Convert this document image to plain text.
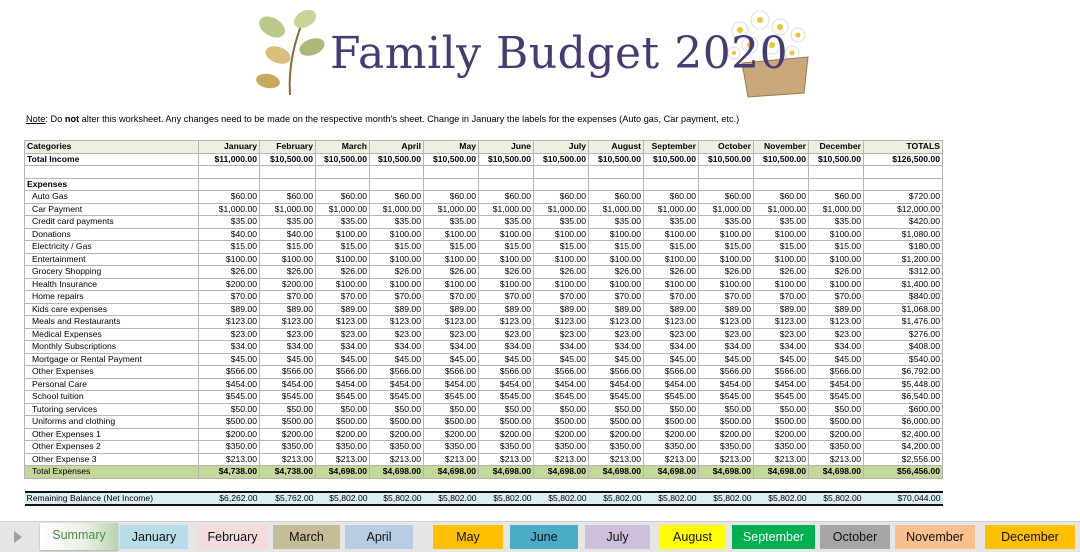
Family Budget 2020
Note: Do not alter this worksheet. Any changes need to be made on the respective month's sheet. Change in January the labels for the expenses (Auto gas, Car payment, etc.)
Categories	January	February	March	April	May	June	July	August	September	October	November	December	TOTALS
Total Income	$11,000.00	$10,500.00	$10,500.00	$10,500.00	$10,500.00	$10,500.00	$10,500.00	$10,500.00	$10,500.00	$10,500.00	$10,500.00	$10,500.00	$126,500.00

Expenses													
Auto Gas	$60.00	$60.00	$60.00	$60.00	$60.00	$60.00	$60.00	$60.00	$60.00	$60.00	$60.00	$60.00	$720.00
Car Payment	$1,000.00	$1,000.00	$1,000.00	$1,000.00	$1,000.00	$1,000.00	$1,000.00	$1,000.00	$1,000.00	$1,000.00	$1,000.00	$1,000.00	$12,000.00
Credit card payments	$35.00	$35.00	$35.00	$35.00	$35.00	$35.00	$35.00	$35.00	$35.00	$35.00	$35.00	$35.00	$420.00
Donations	$40.00	$40.00	$100.00	$100.00	$100.00	$100.00	$100.00	$100.00	$100.00	$100.00	$100.00	$100.00	$1,080.00
Electricity / Gas	$15.00	$15.00	$15.00	$15.00	$15.00	$15.00	$15.00	$15.00	$15.00	$15.00	$15.00	$15.00	$180.00
Entertainment	$100.00	$100.00	$100.00	$100.00	$100.00	$100.00	$100.00	$100.00	$100.00	$100.00	$100.00	$100.00	$1,200.00
Grocery Shopping	$26.00	$26.00	$26.00	$26.00	$26.00	$26.00	$26.00	$26.00	$26.00	$26.00	$26.00	$26.00	$312.00
Health Insurance	$200.00	$200.00	$100.00	$100.00	$100.00	$100.00	$100.00	$100.00	$100.00	$100.00	$100.00	$100.00	$1,400.00
Home repairs	$70.00	$70.00	$70.00	$70.00	$70.00	$70.00	$70.00	$70.00	$70.00	$70.00	$70.00	$70.00	$840.00
Kids care expenses	$89.00	$89.00	$89.00	$89.00	$89.00	$89.00	$89.00	$89.00	$89.00	$89.00	$89.00	$89.00	$1,068.00
Meals and Restaurants	$123.00	$123.00	$123.00	$123.00	$123.00	$123.00	$123.00	$123.00	$123.00	$123.00	$123.00	$123.00	$1,476.00
Medical Expenses	$23.00	$23.00	$23.00	$23.00	$23.00	$23.00	$23.00	$23.00	$23.00	$23.00	$23.00	$23.00	$276.00
Monthly Subscriptions	$34.00	$34.00	$34.00	$34.00	$34.00	$34.00	$34.00	$34.00	$34.00	$34.00	$34.00	$34.00	$408.00
Mortgage or Rental Payment	$45.00	$45.00	$45.00	$45.00	$45.00	$45.00	$45.00	$45.00	$45.00	$45.00	$45.00	$45.00	$540.00
Other Expenses	$566.00	$566.00	$566.00	$566.00	$566.00	$566.00	$566.00	$566.00	$566.00	$566.00	$566.00	$566.00	$6,792.00
Personal Care	$454.00	$454.00	$454.00	$454.00	$454.00	$454.00	$454.00	$454.00	$454.00	$454.00	$454.00	$454.00	$5,448.00
School tuition	$545.00	$545.00	$545.00	$545.00	$545.00	$545.00	$545.00	$545.00	$545.00	$545.00	$545.00	$545.00	$6,540.00
Tutoring services	$50.00	$50.00	$50.00	$50.00	$50.00	$50.00	$50.00	$50.00	$50.00	$50.00	$50.00	$50.00	$600.00
Uniforms and clothing	$500.00	$500.00	$500.00	$500.00	$500.00	$500.00	$500.00	$500.00	$500.00	$500.00	$500.00	$500.00	$6,000.00
Other Expenses 1	$200.00	$200.00	$200.00	$200.00	$200.00	$200.00	$200.00	$200.00	$200.00	$200.00	$200.00	$200.00	$2,400.00
Other Expenses 2	$350.00	$350.00	$350.00	$350.00	$350.00	$350.00	$350.00	$350.00	$350.00	$350.00	$350.00	$350.00	$4,200.00
Other Expense 3	$213.00	$213.00	$213.00	$213.00	$213.00	$213.00	$213.00	$213.00	$213.00	$213.00	$213.00	$213.00	$2,556.00
Total Expenses	$4,738.00	$4,738.00	$4,698.00	$4,698.00	$4,698.00	$4,698.00	$4,698.00	$4,698.00	$4,698.00	$4,698.00	$4,698.00	$4,698.00	$56,456.00

Remaining Balance (Net Income)	$6,262.00	$5,762.00	$5,802.00	$5,802.00	$5,802.00	$5,802.00	$5,802.00	$5,802.00	$5,802.00	$5,802.00	$5,802.00	$5,802.00	$70,044.00
Summary	January	February	March	April	May	June	July	August	September	October	November	December
